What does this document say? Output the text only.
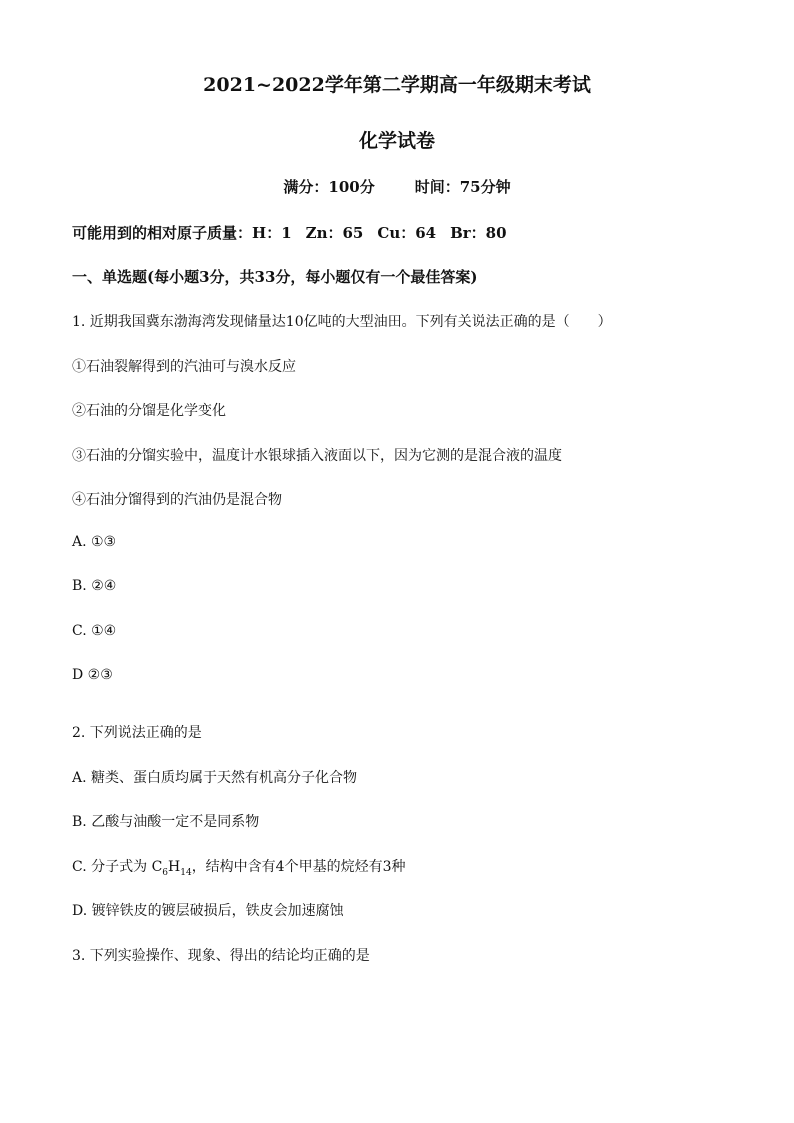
2021~2022学年第二学期高一年级期末考试
化学试卷
满分：100分	时间：75分钟
可能用到的相对原子质量：H：1 Zn：65 Cu：64 Br：80
一、单选题(每小题3分，共33分，每小题仅有一个最佳答案)
1. 近期我国冀东渤海湾发现储量达10亿吨的大型油田。下列有关说法正确的是（　　）
①石油裂解得到的汽油可与溴水反应
②石油的分馏是化学变化
③石油的分馏实验中，温度计水银球插入液面以下，因为它测的是混合液的温度
④石油分馏得到的汽油仍是混合物
A. ①③
B. ②④
C. ①④
D ②③
2. 下列说法正确的是
A. 糖类、蛋白质均属于天然有机高分子化合物
B. 乙酸与油酸一定不是同系物
C. 分子式为 $C_6H_{14}$，结构中含有4个甲基的烷烃有3种
D. 镀锌铁皮的镀层破损后，铁皮会加速腐蚀
3. 下列实验操作、现象、得出的结论均正确的是
